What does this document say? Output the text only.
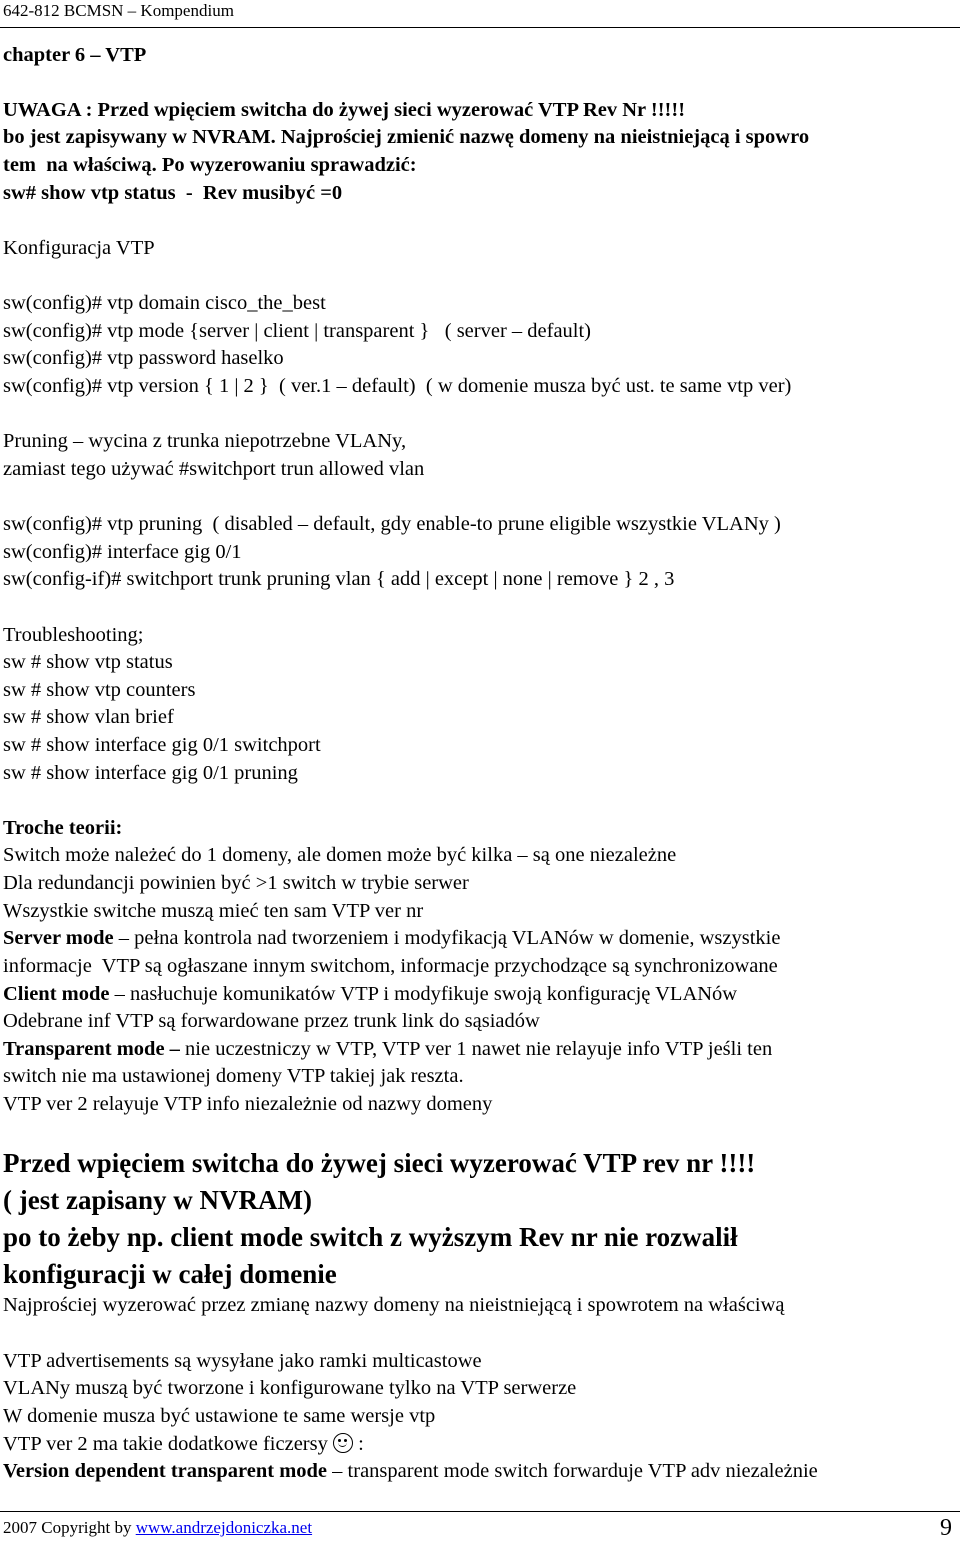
642-812 BCMSN – Kompendium
chapter 6 – VTP
UWAGA : Przed wpięciem switcha do żywej sieci wyzerować VTP Rev Nr !!!!!
bo jest zapisywany w NVRAM. Najprościej zmienić nazwę domeny na nieistniejącą i spowro
tem  na właściwą. Po wyzerowaniu sprawadzić:
sw# show vtp status  -  Rev musibyć =0
Konfiguracja VTP
sw(config)# vtp domain cisco_the_best
sw(config)# vtp mode {server | client | transparent }   ( server – default)
sw(config)# vtp password haselko
sw(config)# vtp version { 1 | 2 }  ( ver.1 – default)  ( w domenie musza być ust. te same vtp ver)
Pruning – wycina z trunka niepotrzebne VLANy,
zamiast tego używać #switchport trun allowed vlan
sw(config)# vtp pruning  ( disabled – default, gdy enable-to prune eligible wszystkie VLANy )
sw(config)# interface gig 0/1
sw(config-if)# switchport trunk pruning vlan { add | except | none | remove } 2 , 3
Troubleshooting;
sw # show vtp status
sw # show vtp counters
sw # show vlan brief
sw # show interface gig 0/1 switchport
sw # show interface gig 0/1 pruning
Troche teorii:
Switch może należeć do 1 domeny, ale domen może być kilka – są one niezależne
Dla redundancji powinien być >1 switch w trybie serwer
Wszystkie switche muszą mieć ten sam VTP ver nr
Server mode – pełna kontrola nad tworzeniem i modyfikacją VLANów w domenie, wszystkie
informacje  VTP są ogłaszane innym switchom, informacje przychodzące są synchronizowane
Client mode – nasłuchuje komunikatów VTP i modyfikuje swoją konfigurację VLANów
Odebrane inf VTP są forwardowane przez trunk link do sąsiadów
Transparent mode – nie uczestniczy w VTP, VTP ver 1 nawet nie relayuje info VTP jeśli ten
switch nie ma ustawionej domeny VTP takiej jak reszta.
VTP ver 2 relayuje VTP info niezależnie od nazwy domeny
Przed wpięciem switcha do żywej sieci wyzerować VTP rev nr !!!!
( jest zapisany w NVRAM)
po to żeby np. client mode switch z wyższym Rev nr nie rozwalił
konfiguracji w całej domenie
Najprościej wyzerować przez zmianę nazwy domeny na nieistniejącą i spowrotem na właściwą
VTP advertisements są wysyłane jako ramki multicastowe
VLANy muszą być tworzone i konfigurowane tylko na VTP serwerze
W domenie musza być ustawione te same wersje vtp
VTP ver 2 ma takie dodatkowe ficzersy
:
Version dependent transparent mode – transparent mode switch forwarduje VTP adv niezależnie
2007 Copyright by www.andrzejdoniczka.net	9
